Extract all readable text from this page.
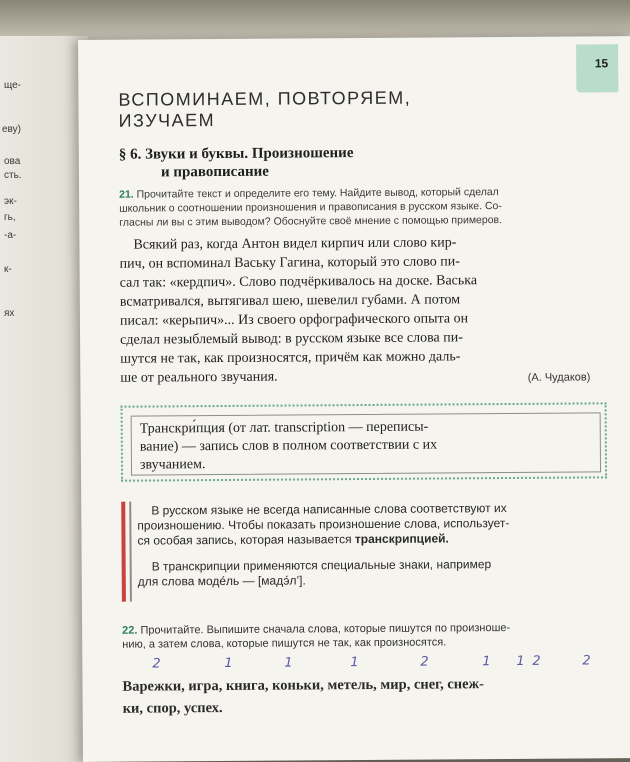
ще-
еву)
ова
сть.
эк-
гь,
-а-
к-
ях
15
ВСПОМИНАЕМ, ПОВТОРЯЕМ,
ИЗУЧАЕМ
§ 6. Звуки и буквы. Произношение
и правописание
21. Прочитайте текст и определите его тему. Найдите вывод, который сделал
школьник о соотношении произношения и правописания в русском языке. Со-
гласны ли вы с этим выводом? Обоснуйте своё мнение с помощью примеров.
Всякий раз, когда Антон видел кирпич или слово кир-
пич, он вспоминал Ваську Гагина, который это слово пи-
сал так: «кердпич». Слово подчёркивалось на доске. Васька
всматривался, вытягивал шею, шевелил губами. А потом
писал: «керьпич»... Из своего орфографического опыта он
сделал незыблемый вывод: в русском языке все слова пи-
шутся не так, как произносятся, причём как можно даль-
ше от реального звучания.	(А. Чудаков)
Транскри́пция (от лат. transcription — переписы-
вание) — запись слов в полном соответствии с их
звучанием.

В русском языке не всегда написанные слова соответствуют их
произношению. Чтобы показать произношение слова, использует-
ся особая запись, которая называется транскрипцией.

В транскрипции применяются специальные знаки, например
для слова моде́ль — [мадэ́л’].

22. Прочитайте. Выпишите сначала слова, которые пишутся по произноше-
нию, а затем слова, которые пишутся не так, как произносятся.
2	1	1	1	2	1 1 2	2
Варежки, игра, книга, коньки, метель, мир, снег, снеж-
ки, спор, успех.
